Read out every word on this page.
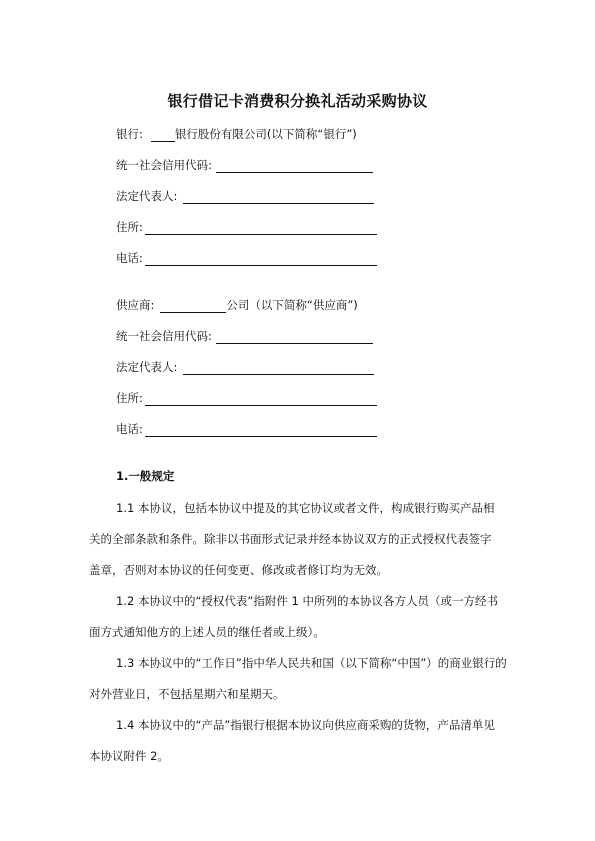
银行借记卡消费积分换礼活动采购协议
银行:	银行股份有限公司(以下简称“银行”)
统一社会信用代码:
法定代表人:
住所:
电话:
供应商:	公司（以下简称“供应商”)
统一社会信用代码:
法定代表人:
住所:
电话:
1.一般规定
1.1 本协议，包括本协议中提及的其它协议或者文件，构成银行购买产品相
关的全部条款和条件。除非以书面形式记录并经本协议双方的正式授权代表签字
盖章，否则对本协议的任何变更、修改或者修订均为无效。
1.2 本协议中的“授权代表”指附件 1 中所列的本协议各方人员（或一方经书
面方式通知他方的上述人员的继任者或上级）。
1.3 本协议中的“工作日”指中华人民共和国（以下简称“中国”）的商业银行的
对外营业日，不包括星期六和星期天。
1.4 本协议中的“产品”指银行根据本协议向供应商采购的货物，产品清单见
本协议附件 2。
